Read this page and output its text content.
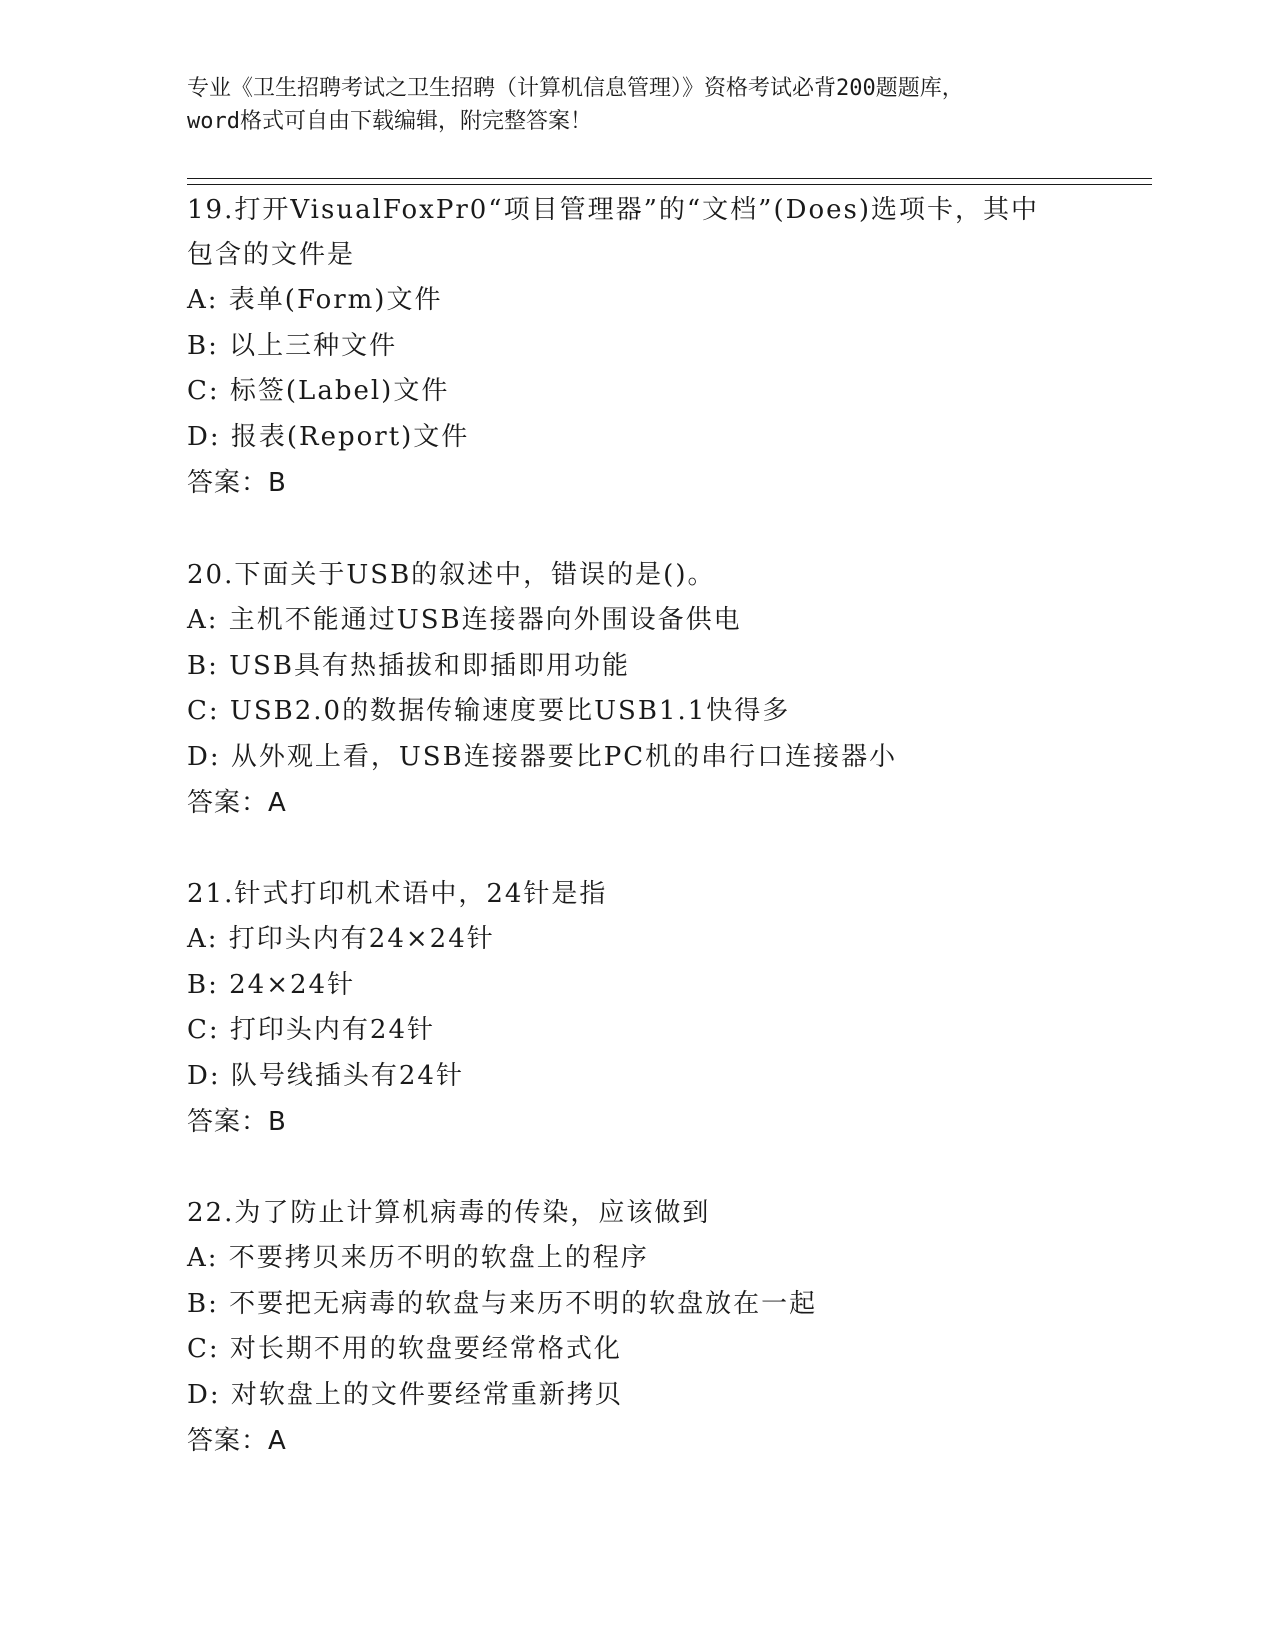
专业《卫生招聘考试之卫生招聘（计算机信息管理）》资格考试必背200题题库，
word格式可自由下载编辑，附完整答案！
19.打开VisualFoxPr0“项目管理器”的“文档”(Does)选项卡，其中
包含的文件是
A: 表单(Form)文件
B: 以上三种文件
C: 标签(Label)文件
D: 报表(Report)文件
答案：B
20.下面关于USB的叙述中，错误的是()。
A: 主机不能通过USB连接器向外围设备供电
B: USB具有热插拔和即插即用功能
C: USB2.0的数据传输速度要比USB1.1快得多
D: 从外观上看，USB连接器要比PC机的串行口连接器小
答案：A
21.针式打印机术语中，24针是指
A: 打印头内有24×24针
B: 24×24针
C: 打印头内有24针
D: 队号线插头有24针
答案：B
22.为了防止计算机病毒的传染，应该做到
A: 不要拷贝来历不明的软盘上的程序
B: 不要把无病毒的软盘与来历不明的软盘放在一起
C: 对长期不用的软盘要经常格式化
D: 对软盘上的文件要经常重新拷贝
答案：A
